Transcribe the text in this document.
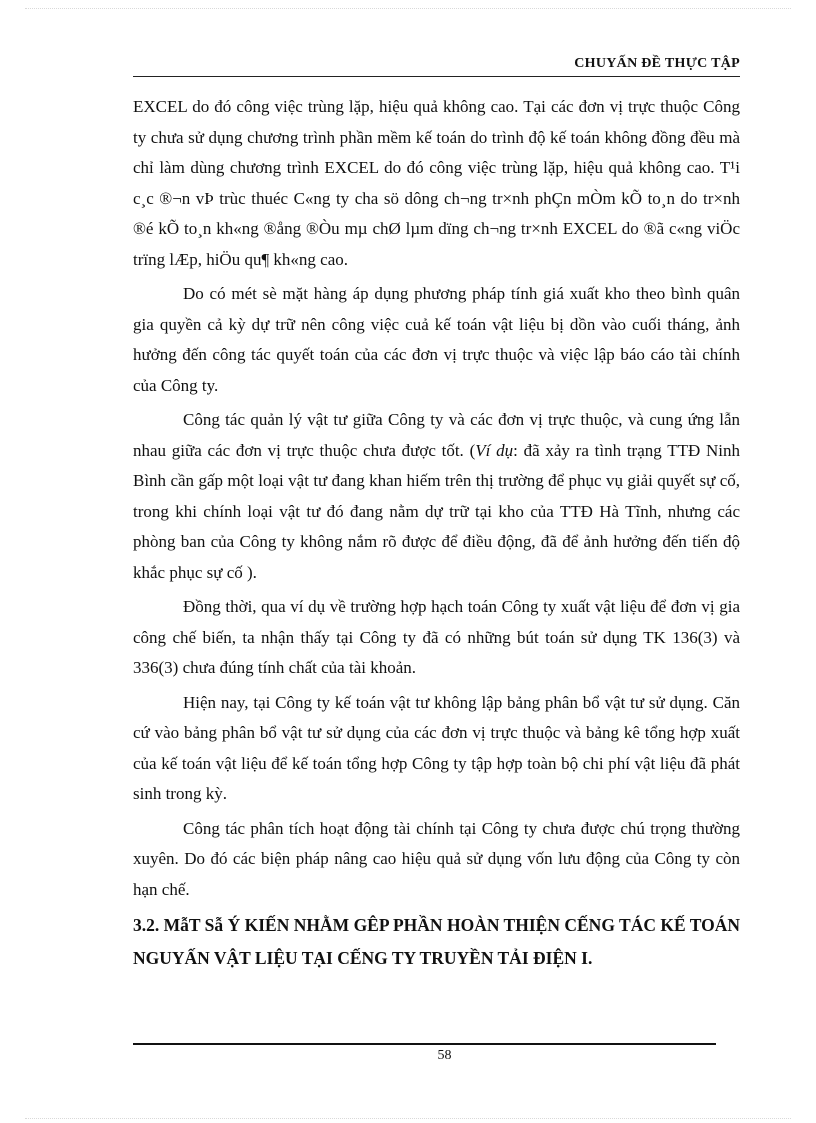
CHUYẤN ĐỀ THỰC TẬP

EXCEL do đó công việc trùng lặp, hiệu quả không cao. Tại các đơn vị trực thuộc Công ty chưa sử dụng chương trình phần mềm kế toán do trình độ kế toán không đồng đều mà chỉ làm dùng chương trình EXCEL do đó công việc trùng lặp, hiệu quả không cao. T¹i c¸c ®¬n vÞ trùc thuéc C«ng ty cha sö dông ch¬ng tr×nh phÇn mÒm kÕ to¸n do tr×nh ®é kÕ to¸n kh«ng ®ång ®Òu mµ chØ lµm dïng ch¬ng tr×nh EXCEL do ®ã c«ng viÖc trïng lÆp, hiÖu qu¶ kh«ng cao.

Do có mét sè mặt hàng áp dụng phương pháp tính giá xuất kho theo bình quân gia quyền cả kỳ dự trữ nên công việc cuả kế toán vật liệu bị dồn vào cuối tháng, ảnh hưởng đến công tác quyết toán của các đơn vị trực thuộc và việc lập báo cáo tài chính của Công ty.

Công tác quản lý vật tư giữa Công ty và các đơn vị trực thuộc, và cung ứng lẫn nhau giữa các đơn vị trực thuộc chưa được tốt. (Ví dụ: đã xảy ra tình trạng TTĐ Ninh Bình cần gấp một loại vật tư đang khan hiếm trên thị trường để phục vụ giải quyết sự cố, trong khi chính loại vật tư đó đang nằm dự trữ tại kho của TTĐ Hà Tĩnh, nhưng các phòng ban của Công ty không nắm rõ được để điều động, đã để ảnh hưởng đến tiến độ khắc phục sự cố ).

Đồng thời, qua ví dụ về trường hợp hạch toán Công ty xuất vật liệu để đơn vị gia công chế biến, ta nhận thấy tại Công ty đã có những bút toán sử dụng TK 136(3) và 336(3) chưa đúng tính chất của tài khoản.

Hiện nay, tại Công ty kế toán vật tư không lập bảng phân bổ vật tư sử dụng. Căn cứ vào bảng phân bổ vật tư sử dụng của các đơn vị trực thuộc và bảng kê tổng hợp xuất của kế toán vật liệu để kế toán tổng hợp Công ty tập hợp toàn bộ chi phí vật liệu đã phát sinh trong kỳ.

Công tác phân tích hoạt động tài chính tại Công ty chưa được chú trọng thường xuyên. Do đó các biện pháp nâng cao hiệu quả sử dụng vốn lưu động của Công ty còn hạn chế.

3.2. MẫT Sẫ Ý KIẾN NHẰM GÊP PHẦN HOÀN THIỆN CẾNG TÁC KẾ TOÁN NGUYẤN VẬT LIỆU TẠI CẾNG TY TRUYỀN TẢI ĐIỆN I.

58
